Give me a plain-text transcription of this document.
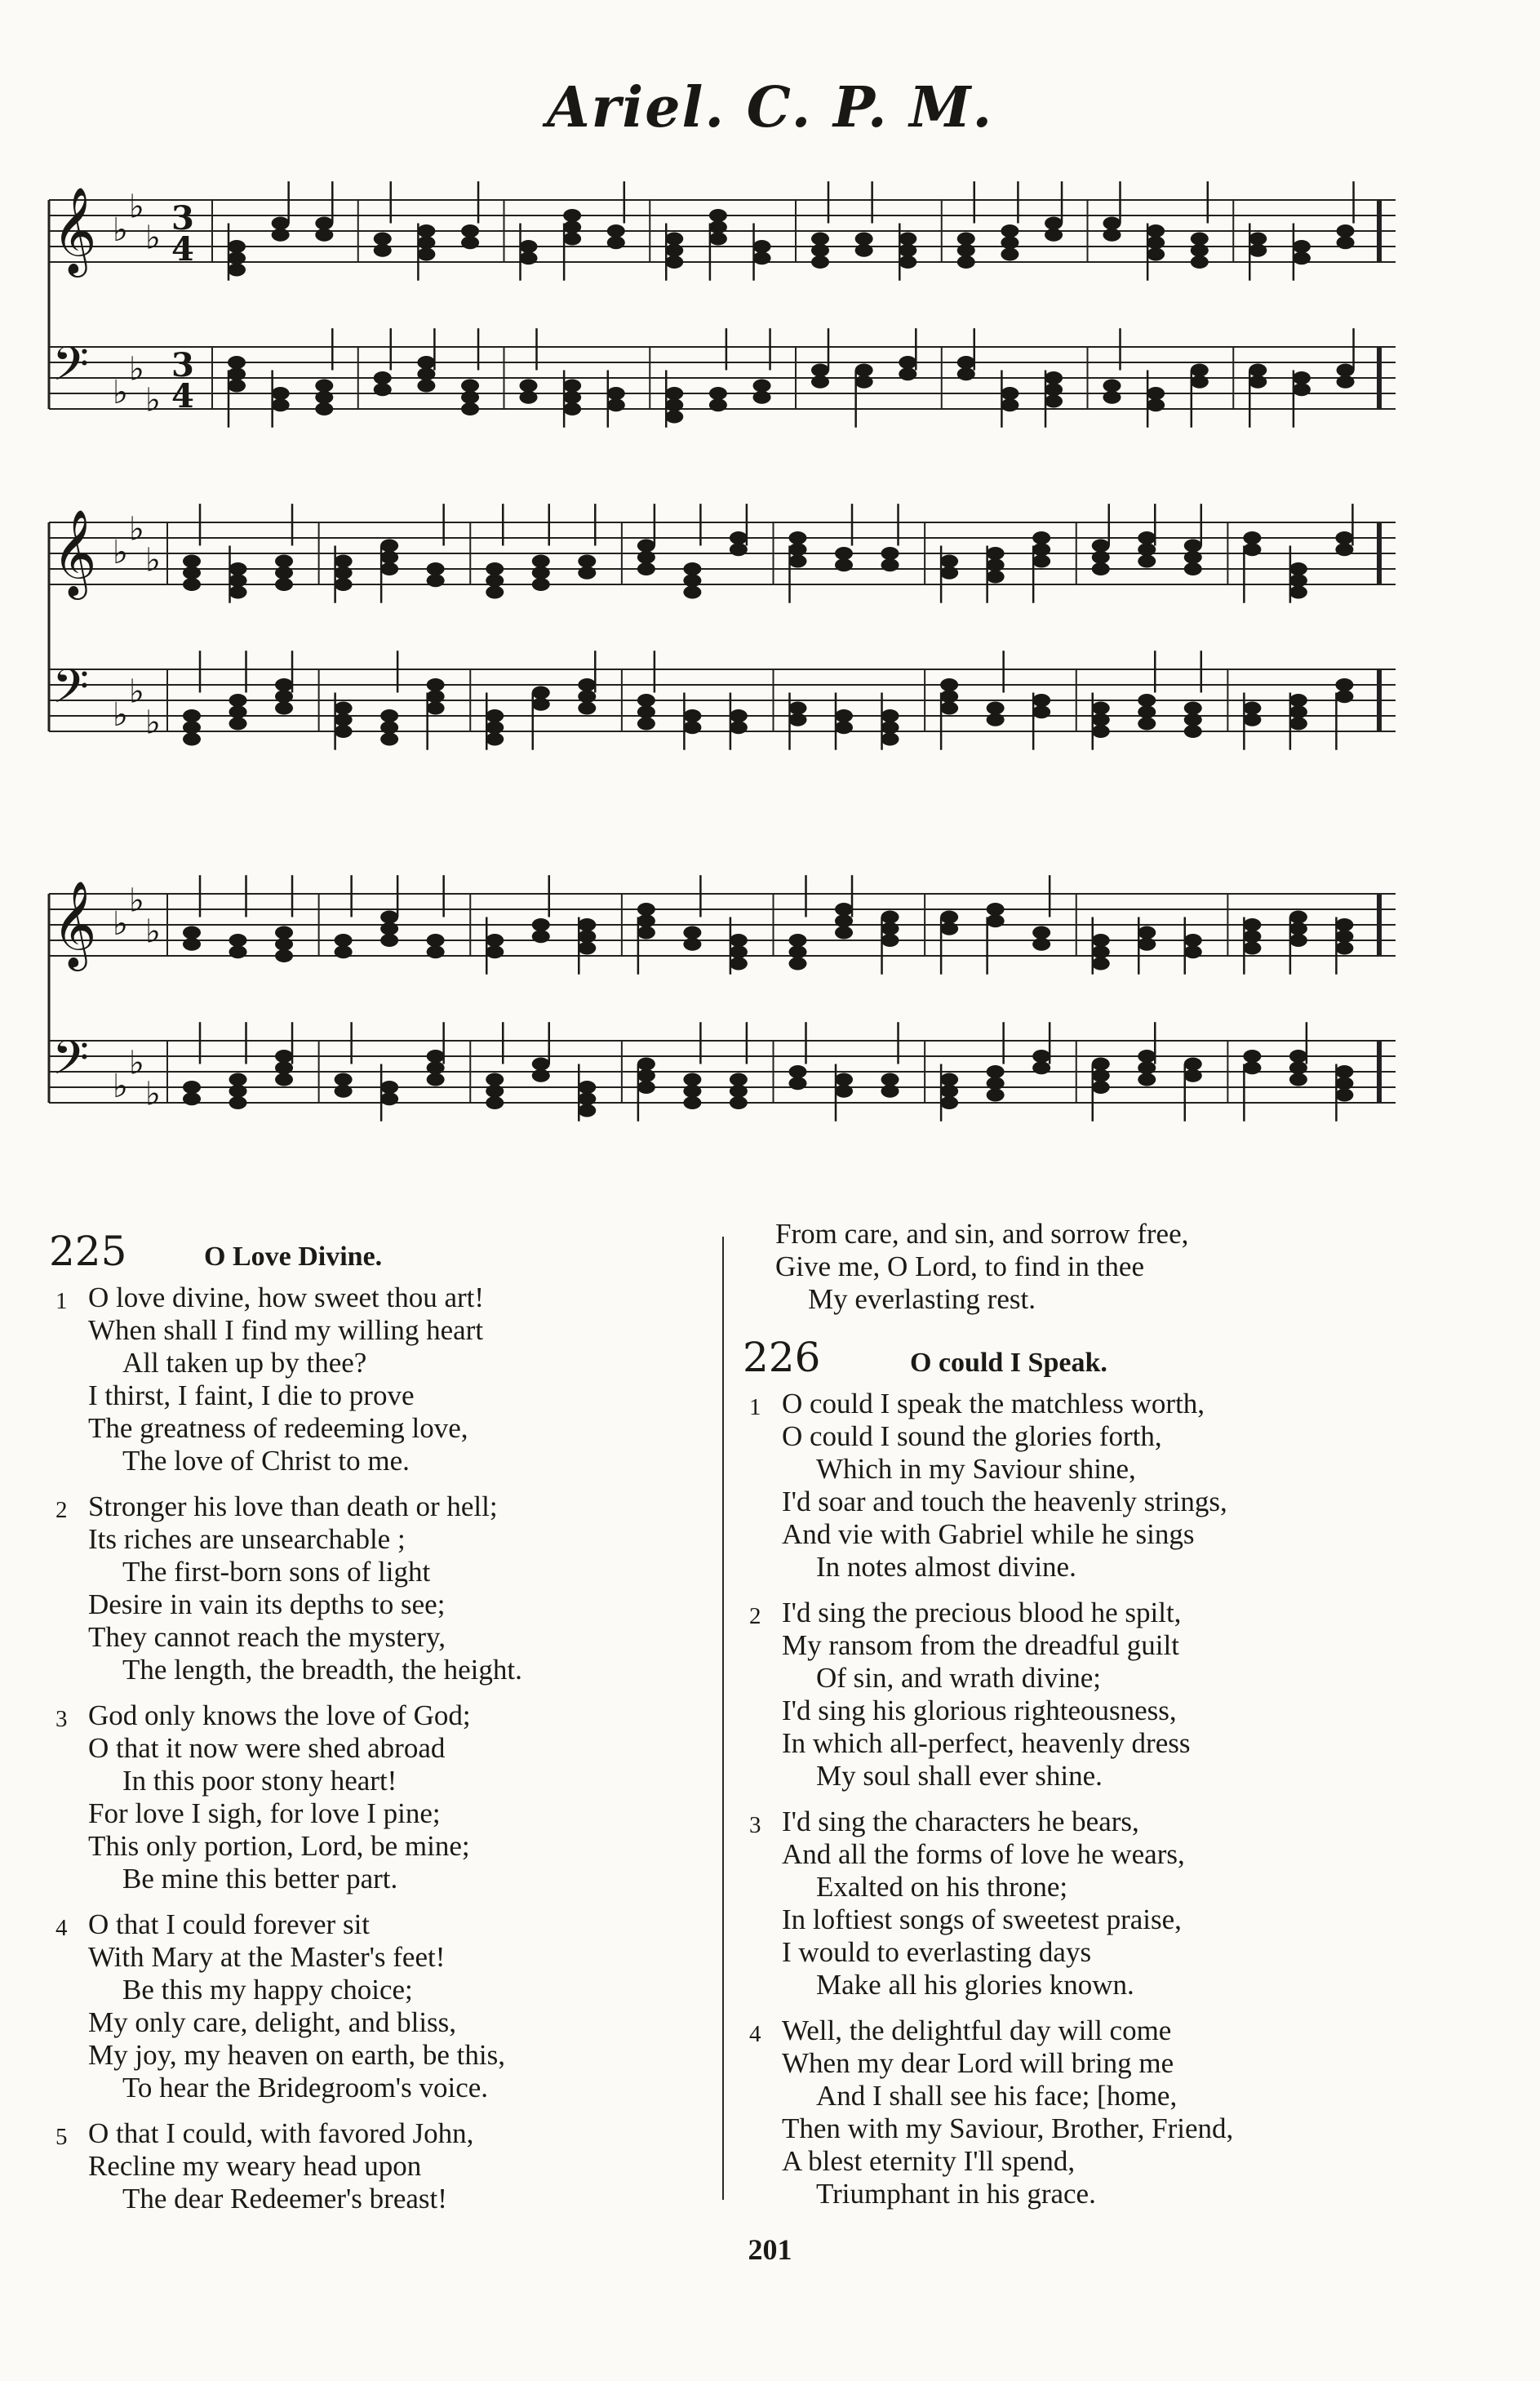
Ariel. C. P. M.
𝄞 ♭
♭
♭
3
4
𝄢 ♭
♭
♭
3
4
𝄞 ♭
♭
♭
𝄢 ♭
♭
♭
𝄞 ♭
♭
♭
𝄢 ♭
♭
♭
225	O Love Divine.
1 O love divine, how sweet thou art!
When shall I find my willing heart
All taken up by thee?
I thirst, I faint, I die to prove
The greatness of redeeming love,
The love of Christ to me.
2 Stronger his love than death or hell;
Its riches are unsearchable ;
The first-born sons of light
Desire in vain its depths to see;
They cannot reach the mystery,
The length, the breadth, the height.
3 God only knows the love of God;
O that it now were shed abroad
In this poor stony heart!
For love I sigh, for love I pine;
This only portion, Lord, be mine;
Be mine this better part.
4 O that I could forever sit
With Mary at the Master's feet!
Be this my happy choice;
My only care, delight, and bliss,
My joy, my heaven on earth, be this,
To hear the Bridegroom's voice.
5 O that I could, with favored John,
Recline my weary head upon
The dear Redeemer's breast!
From care, and sin, and sorrow free,
Give me, O Lord, to find in thee
My everlasting rest.
226	O could I Speak.
1 O could I speak the matchless worth,
O could I sound the glories forth,
Which in my Saviour shine,
I'd soar and touch the heavenly strings,
And vie with Gabriel while he sings
In notes almost divine.
2 I'd sing the precious blood he spilt,
My ransom from the dreadful guilt
Of sin, and wrath divine;
I'd sing his glorious righteousness,
In which all-perfect, heavenly dress
My soul shall ever shine.
3 I'd sing the characters he bears,
And all the forms of love he wears,
Exalted on his throne;
In loftiest songs of sweetest praise,
I would to everlasting days
Make all his glories known.
4 Well, the delightful day will come
When my dear Lord will bring me
And I shall see his face; [home,
Then with my Saviour, Brother, Friend,
A blest eternity I'll spend,
Triumphant in his grace.
201
